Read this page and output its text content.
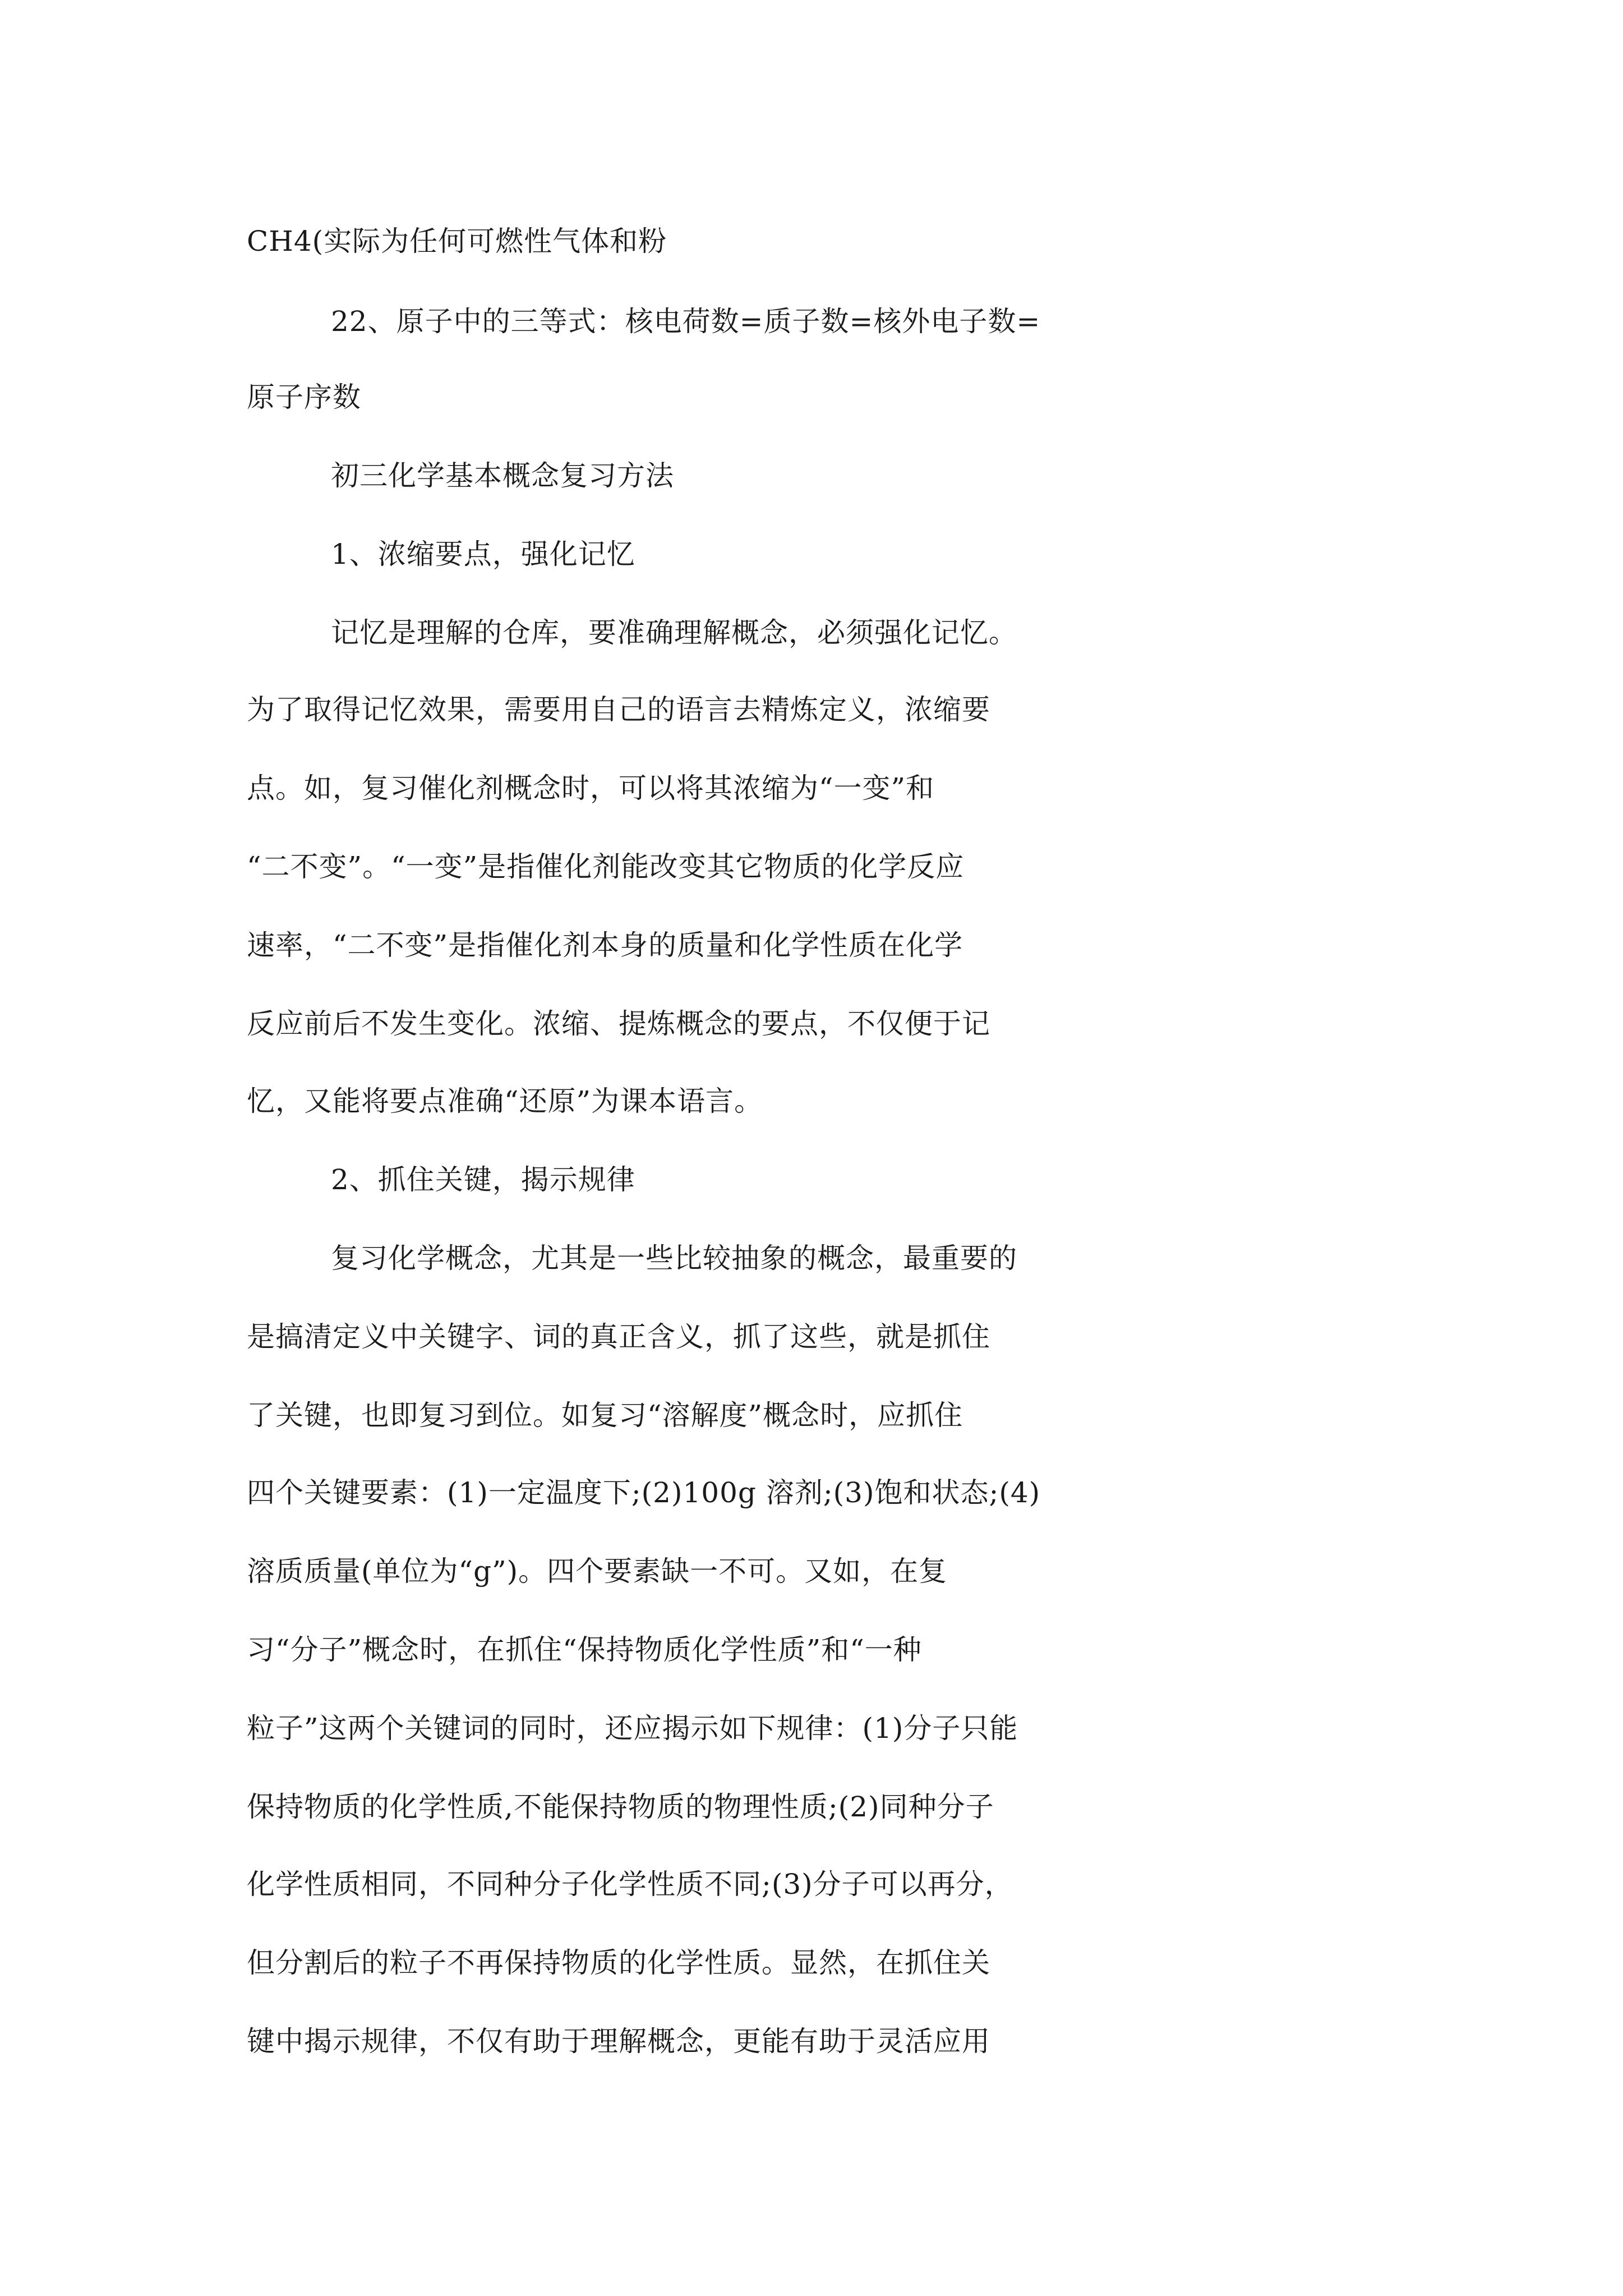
CH4(实际为任何可燃性气体和粉

22、原子中的三等式：核电荷数=质子数=核外电子数=

原子序数

初三化学基本概念复习方法

1、浓缩要点，强化记忆

记忆是理解的仓库，要准确理解概念，必须强化记忆。

为了取得记忆效果，需要用自己的语言去精炼定义，浓缩要

点。如，复习催化剂概念时，可以将其浓缩为“一变”和

“二不变”。“一变”是指催化剂能改变其它物质的化学反应

速率，“二不变”是指催化剂本身的质量和化学性质在化学

反应前后不发生变化。浓缩、提炼概念的要点，不仅便于记

忆，又能将要点准确“还原”为课本语言。

2、抓住关键，揭示规律

复习化学概念，尤其是一些比较抽象的概念，最重要的

是搞清定义中关键字、词的真正含义，抓了这些，就是抓住

了关键，也即复习到位。如复习“溶解度”概念时，应抓住

四个关键要素：(1)一定温度下;(2)100g 溶剂;(3)饱和状态;(4)

溶质质量(单位为“g”)。四个要素缺一不可。又如，在复

习“分子”概念时，在抓住“保持物质化学性质”和“一种

粒子”这两个关键词的同时，还应揭示如下规律：(1)分子只能

保持物质的化学性质,不能保持物质的物理性质;(2)同种分子

化学性质相同，不同种分子化学性质不同;(3)分子可以再分，

但分割后的粒子不再保持物质的化学性质。显然，在抓住关

键中揭示规律，不仅有助于理解概念，更能有助于灵活应用
